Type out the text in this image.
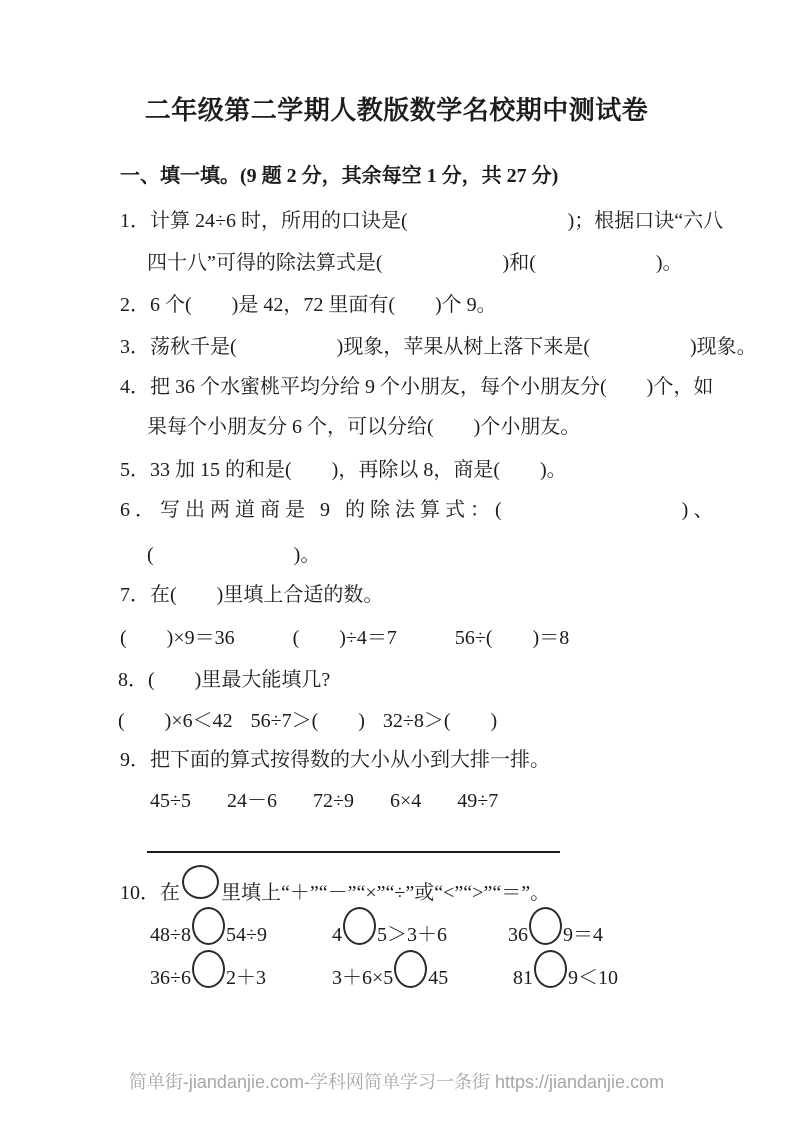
二年级第二学期人教版数学名校期中测试卷
一、填一填。(9 题 2 分，其余每空 1 分，共 27 分)
1．计算 24÷6 时，所用的口诀是(　　　　　　　　)；根据口诀“六八
四十八”可得的除法算式是(　　　　　　)和(　　　　　　)。
2．6 个(　　)是 42，72 里面有(　　)个 9。
3．荡秋千是(　　　　　)现象，苹果从树上落下来是(　　　　　)现象。
4．把 36 个水蜜桃平均分给 9 个小朋友，每个小朋友分(　　)个，如
果每个小朋友分 6 个，可以分给(　　)个小朋友。
5．33 加 15 的和是(　　)，再除以 8，商是(　　)。
6．写出两道商是 9 的除法算式：(　　　　　　　)、
(　　　　　　　)。
7．在(　　)里填上合适的数。
(　　)×9＝36	(　　)÷4＝7	56÷(　　)＝8
8．(　　)里最大能填几?
(　　)×6＜42 56÷7＞(　　) 32÷8＞(　　)
9．把下面的算式按得数的大小从小到大排一排。
45÷5 24－6 72÷9 6×4 49÷7
10．在 里填上“＋”“－”“×”“÷”或“<”“>”“＝”。
48÷8 54÷9	4 5＞3＋6	36 9＝4
36÷6 2＋3	3＋6×5 45	81 9＜10
简单街-jiandanjie.com-学科网简单学习一条街 https://jiandanjie.com
